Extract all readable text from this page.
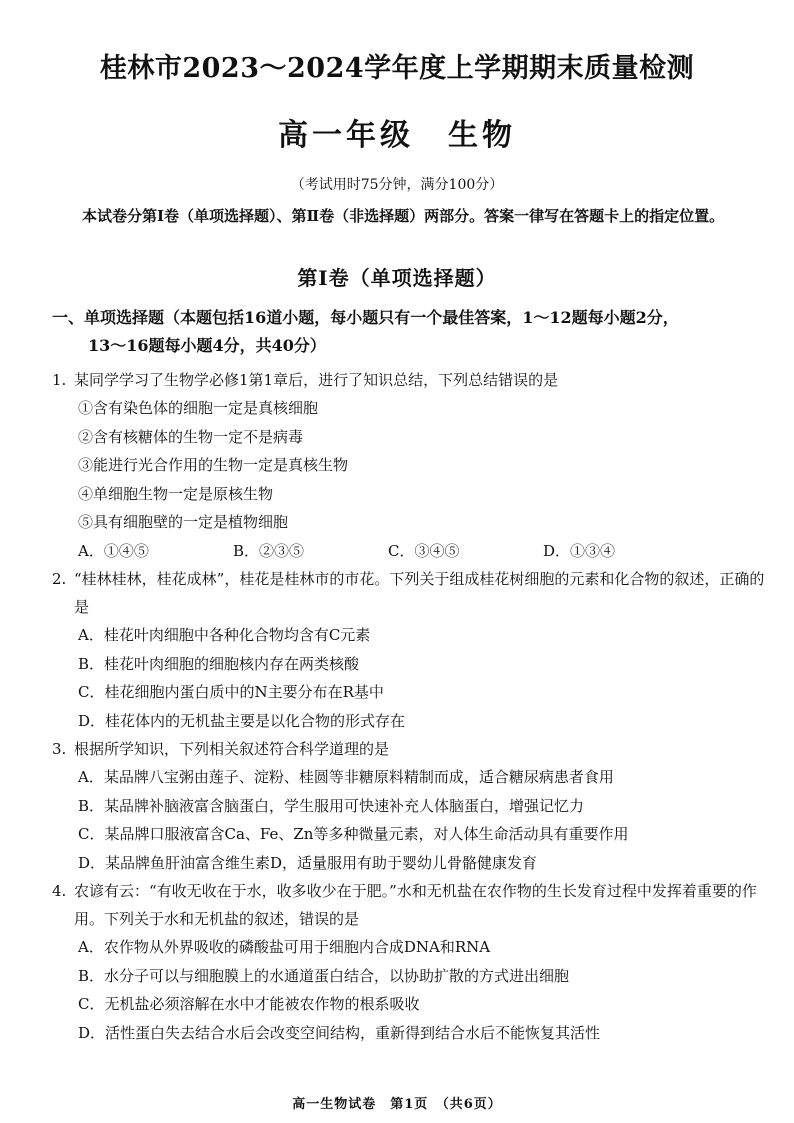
桂林市2023～2024学年度上学期期末质量检测
高一年级　生物
（考试用时75分钟，满分100分）
本试卷分第Ⅰ卷（单项选择题）、第Ⅱ卷（非选择题）两部分。答案一律写在答题卡上的指定位置。
第Ⅰ卷（单项选择题）
一、单项选择题（本题包括16道小题，每小题只有一个最佳答案，1～12题每小题2分，
13～16题每小题4分，共40分）
1. 某同学学习了生物学必修1第1章后，进行了知识总结，下列总结错误的是
①含有染色体的细胞一定是真核细胞
②含有核糖体的生物一定不是病毒
③能进行光合作用的生物一定是真核生物
④单细胞生物一定是原核生物
⑤具有细胞壁的一定是植物细胞
A．①④⑤	B．②③⑤	C．③④⑤	D．①③④
2. “桂林桂林，桂花成林”，桂花是桂林市的市花。下列关于组成桂花树细胞的元素和化合物的叙述，正确的是
A．桂花叶肉细胞中各种化合物均含有C元素
B．桂花叶肉细胞的细胞核内存在两类核酸
C．桂花细胞内蛋白质中的N主要分布在R基中
D．桂花体内的无机盐主要是以化合物的形式存在
3. 根据所学知识，下列相关叙述符合科学道理的是
A．某品牌八宝粥由莲子、淀粉、桂圆等非糖原料精制而成，适合糖尿病患者食用
B．某品牌补脑液富含脑蛋白，学生服用可快速补充人体脑蛋白，增强记忆力
C．某品牌口服液富含Ca、Fe、Zn等多种微量元素，对人体生命活动具有重要作用
D．某品牌鱼肝油富含维生素D，适量服用有助于婴幼儿骨骼健康发育
4. 农谚有云：“有收无收在于水，收多收少在于肥。”水和无机盐在农作物的生长发育过程中发挥着重要的作用。下列关于水和无机盐的叙述，错误的是
A．农作物从外界吸收的磷酸盐可用于细胞内合成DNA和RNA
B．水分子可以与细胞膜上的水通道蛋白结合，以协助扩散的方式进出细胞
C．无机盐必须溶解在水中才能被农作物的根系吸收
D．活性蛋白失去结合水后会改变空间结构，重新得到结合水后不能恢复其活性
高一生物试卷　第1页　（共6页）
